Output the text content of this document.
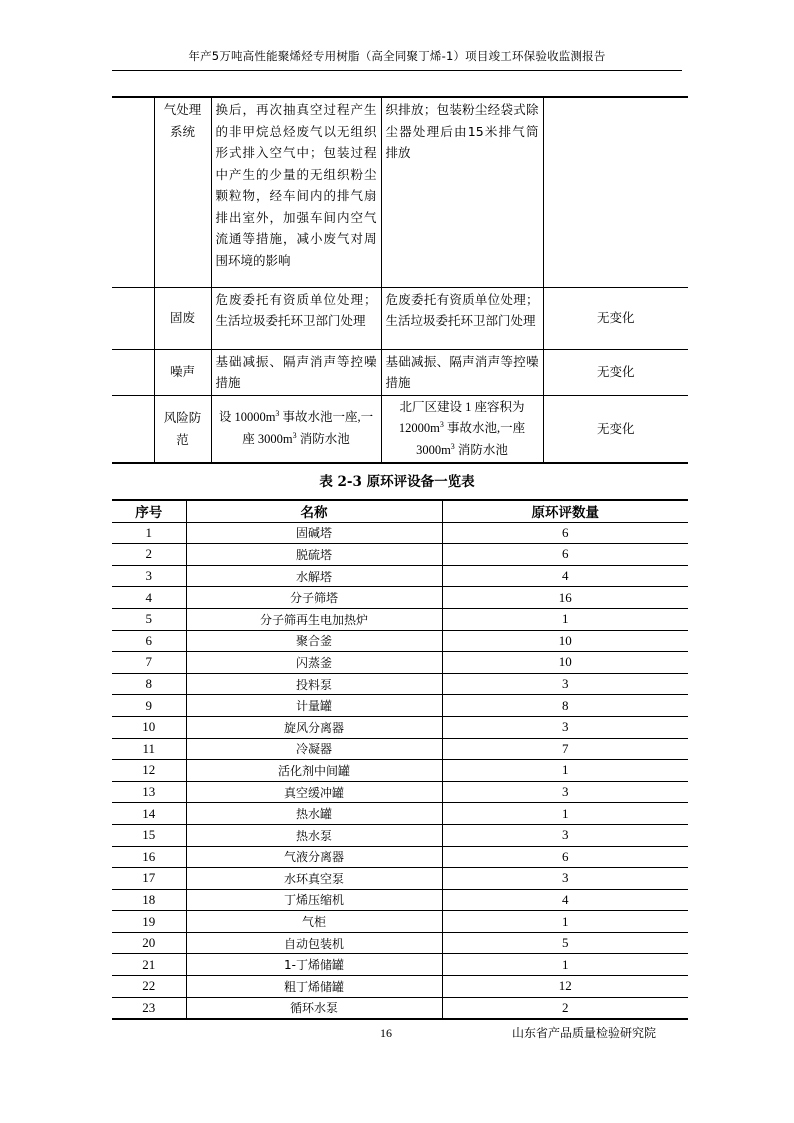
年产5万吨高性能聚烯烃专用树脂（高全同聚丁烯-1）项目竣工环保验收监测报告
	气处理系统	换后，再次抽真空过程产生的非甲烷总烃废气以无组织形式排入空气中；包装过程中产生的少量的无组织粉尘颗粒物，经车间内的排气扇排出室外，加强车间内空气流通等措施，减小废气对周围环境的影响	织排放；包装粉尘经袋式除尘器处理后由15米排气筒排放	
	固废	危废委托有资质单位处理；生活垃圾委托环卫部门处理	危废委托有资质单位处理；生活垃圾委托环卫部门处理	无变化
	噪声	基础减振、隔声消声等控噪措施	基础减振、隔声消声等控噪措施	无变化
	风险防范	设 $10000m^3$ 事故水池一座,一座 $3000m^3$ 消防水池	北厂区建设 1 座容积为 $12000m^3$ 事故水池,一座 $3000m^3$ 消防水池	无变化
表 2-3 原环评设备一览表
序号	名称	原环评数量
1	固碱塔	6
2	脱硫塔	6
3	水解塔	4
4	分子筛塔	16
5	分子筛再生电加热炉	1
6	聚合釜	10
7	闪蒸釜	10
8	投料泵	3
9	计量罐	8
10	旋风分离器	3
11	冷凝器	7
12	活化剂中间罐	1
13	真空缓冲罐	3
14	热水罐	1
15	热水泵	3
16	气液分离器	6
17	水环真空泵	3
18	丁烯压缩机	4
19	气柜	1
20	自动包装机	5
21	1-丁烯储罐	1
22	粗丁烯储罐	12
23	循环水泵	2
16	山东省产品质量检验研究院
